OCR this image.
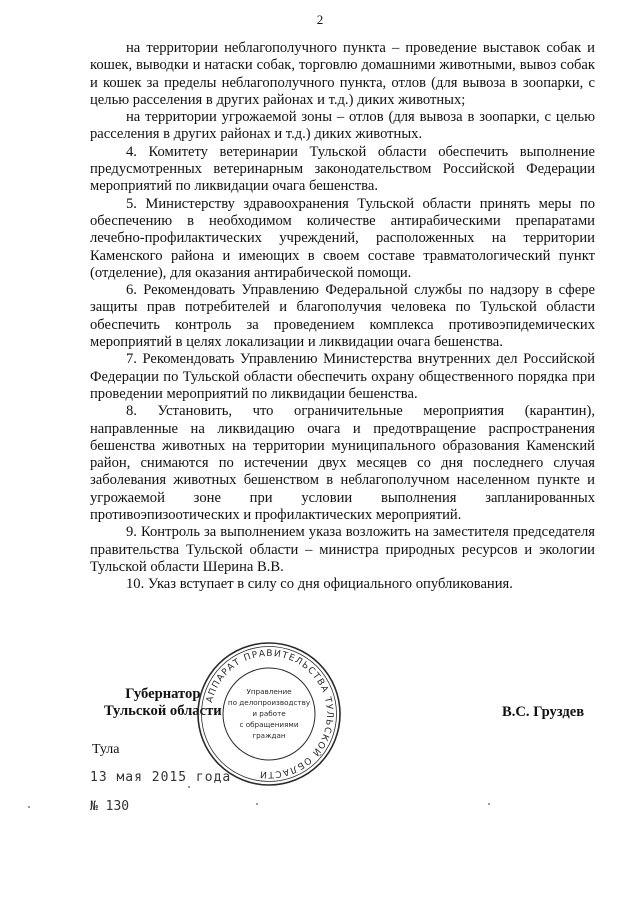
2

на территории неблагополучного пункта – проведение выставок собак и кошек, выводки и натаски собак, торговлю домашними животными, вывоз собак и кошек за пределы неблагополучного пункта, отлов (для вывоза в зоопарки, с целью расселения в других районах и т.д.) диких животных;

на территории угрожаемой зоны – отлов (для вывоза в зоопарки, с целью расселения в других районах и т.д.) диких животных.

4. Комитету ветеринарии Тульской области обеспечить выполнение предусмотренных ветеринарным законодательством Российской Федерации мероприятий по ликвидации очага бешенства.

5. Министерству здравоохранения Тульской области принять меры по обеспечению в необходимом количестве антирабическими препаратами лечебно-профилактических учреждений, расположенных на территории Каменского района и имеющих в своем составе травматологический пункт (отделение), для оказания антирабической помощи.

6. Рекомендовать Управлению Федеральной службы по надзору в сфере защиты прав потребителей и благополучия человека по Тульской области обеспечить контроль за проведением комплекса противоэпидемических мероприятий в целях локализации и ликвидации очага бешенства.

7. Рекомендовать Управлению Министерства внутренних дел Российской Федерации по Тульской области обеспечить охрану общественного порядка при проведении мероприятий по ликвидации бешенства.

8. Установить, что ограничительные мероприятия (карантин), направленные на ликвидацию очага и предотвращение распространения бешенства животных на территории муниципального образования Каменский район, снимаются по истечении двух месяцев со дня последнего случая заболевания животных бешенством в неблагополучном населенном пункте и угрожаемой зоне при условии выполнения запланированных противоэпизоотических и профилактических мероприятий.

9. Контроль за выполнением указа возложить на заместителя председателя правительства Тульской области – министра природных ресурсов и экологии Тульской области Шерина В.В.

10. Указ вступает в силу со дня официального опубликования.

Губернатор
Тульской области
АППАРАТ ПРАВИТЕЛЬСТВА ТУЛЬСКОЙ ОБЛАСТИ
Управление
по делопроизводству
и работе
с обращениями
граждан
В.С. Груздев
Тула
13 мая 2015 года
№ 130
